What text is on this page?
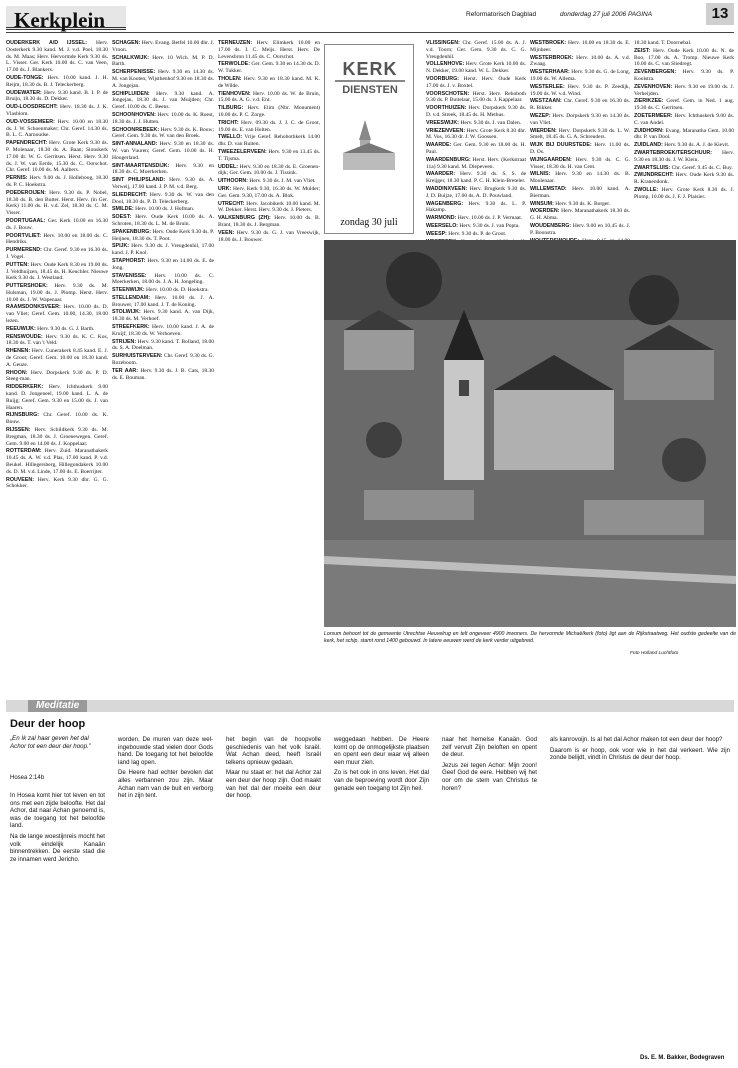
Kerkplein	Reformatorisch Dagblad	donderdag 27 juli 2006 PAGINA	13

OUDERKERK A/D IJSSEL: Herv. Oosterkerk 9.30 kand. M. J. v.d. Poel, 18.30 ds. M. Maas; Herv. Hervormde Kerk 9.30 ds. L. Visser. Ger. Kerk 10.00 ds. C. van Veen, 17.00 ds. J. Blankers.

OUDE-TONGE: Herv. 10.00 kand. J. H. Reijm, 18.30 ds. B. J. Teleckerberg.

OUDEWATER: Herv. 9.30 kand. B. I. P. de Bruijn, 18.30 ds. D. Dekker.

OUD-LOOSDRECHT: Herv. 18.30 ds. J. K. Vlasblom.

OUD-VOSSEMEER: Herv. 10.00 en 18.30 ds. J. W. Schoenmaker; Chr. Geref. 14.30 ds. B. L. C. Aarnoudse.

PAPENDRECHT: Herv. Grote Kerk 9.30 ds. P. Molenaar, 18.30 ds. A. Baan; Sionskerk 17.00 dr. W. G. Gerritsen. Herst. Herv. 9.30 ds. J. W. van Eerde, 15.30 ds. C. Oorschot. Chr. Geref. 10.00 ds. M. Aalbers.

PERNIS: Herv. 9.00 ds. J. Holleboog, 18.30 ds. P. C. Hoekstra.

POEDEROIJEN: Herv. 9.30 ds. P. Nobel, 18.30 ds. B. den Butter. Herst. Herv. (in Ger. Kerk) 11.00 ds. H. v.d. Zel, 18.30 ds. C. M. Visser.

POORTUGAAL: Ger. Kerk 10.00 en 16.30 ds. J. Bouw.

POORTVLIET: Herv. 10.00 en 18.00 ds. C. Hendriks.

PURMEREND: Chr. Geref. 9.30 en 16.30 ds. J. Vogel.

PUTTEN: Herv. Oude Kerk 8.30 en 19.00 ds. J. Veldhuijzen, 18.45 ds. H. Keuchler. Nieuwe Kerk 9.30 ds. J. Westland.

PUTTERSHOEK: Herv. 9.30 ds. M. Hulsman, 19.00 ds. J. Plomp. Herst. Herv. 10.00 ds. J. W. Wapenaar.

RAAMSDONKSVEER: Herv. 10.00 ds. D. van Vliet; Geref. Gem. 10.00, 14.30, 18.00 lezen.

REEUWIJK: Herv. 9.30 ds. G. J. Barth.

RENSWOUDE: Herv. 9.30 ds. K. C. Kos, 18.30 ds. T. van 't Veld.

RHENEN: Herv. Cunerakerk 8.45 kand. E. J. de Groot; Geref. Gem. 10.00 en 18.30 kand. A. Geuze.

RHOON: Herv. Dorpskerk 9.30 ds. P. D. Steeg-man.

RIDDERKERK: Herv. Ichthuskerk 9.00 kand. D. Jongeneel, 19.00 kand. L. A. de Ruijg; Geref. Gem. 9.30 en 15.00 ds. J. van Haaren.

RIJNSBURG: Chr. Geref. 10.00 ds. K. Bouw.

RIJSSEN: Herv. Schildkerk 9.30 ds. M. Bregman, 18.30 ds. J. Groenewegen. Geref. Gem. 9.00 en 14.00 ds. J. Koppelaar.

ROTTERDAM: Herv. Zuid. Maranathakerk 10.45 ds. A. W. v.d. Plas, 17.00 kand. P. v.d. Beukel. Hillegersberg, Hillegondakerk 10.00 ds. D. M. v.d. Linde, 17.00 ds. E. Boerrijter.

ROUVEEN: Herv. Kerk 9.30 dhr. G. G. Schokker.

SCHAGEN: Herv. Evang. Betfel 10.00 dhr. J. Vroon.

SCHALKWIJK: Herv. 10 Wich. M. P. D. Barth.

SCHERPENISSE: Herv. 9.30 en 14.30 ds. M. van Kooten; Wijsthenhof 9.30 en 18.30 ds. A. Jongejan.

SCHIPLUIDEN: Herv. 9.30 kand. A. Jongejan, 18.30 ds. J. van Muijden; Chr. Geref. 10.00 ds. C. Beens.

SCHOONHOVEN: Herv. 10.00 ds. K. Roest, 18.30 ds. J. J. Hutten.

SCHOONREBEEK: Herv. 9.30 ds. K. Bouw; Geref. Gem. 9.30 ds. W. van den Broek.

SINT-ANNALAND: Herv. 9.30 en 18.30 ds. W. van Vuuren; Geref. Gem. 10.00 ds. H. Hoogerland.

SINT-MAARTENSDIJK: Herv. 9.30 en 18.30 ds. C. Moerkerken.

SINT PHILIPSLAND: Herv. 9.30 ds. A. Verweij, 17.00 kand. J. P. M. v.d. Berg.

SLIEDRECHT: Herv. 9.30 ds. W. van den Dool, 18.30 ds. P. D. Teleckerberg.

SMILDE: Herv. 10.00 ds. J. Hofman.

SOEST: Herv. Oude Kerk 10.00 ds. A. Schroten, 18.30 ds. L. M. de Bruin.

SPAKENBURG: Herv. Oude Kerk 9.30 ds. P. Heijnen, 18.30 ds. T. Poot.

SPIJK: Herv. 9.30 ds. J. Vreugdenhil, 17.00 kand. J. P. Knol.

STAPHORST: Herv. 9.30 en 14.00 ds. E. de Jong.

STAVENISSE: Herv. 10.00 ds. C. Moerkerken, 18.00 ds. J. A. H. Jongeling.

STEENWIJK: Herv. 10.00 ds. D. Hoekstra.

STELLENDAM: Herv. 10.00 ds. J. A. Brouwer, 17.00 kand. J. T. de Koning.

STOLWIJK: Herv. 9.30 kand. A. van Dijk, 18.30 ds. M. Verhoef.

STREEFKERK: Herv. 10.00 kand. J. A. de Kruijf, 18.30 ds. W. Verhoeven.

STRIJEN: Herv. 9.30 kand. T. Bolland, 18.00 ds. S. A. Doelman.

SURHUISTERVEEN: Chr. Geref. 9.30 ds. G. Rozeboom.

TER AAR: Herv. 9.30 ds. J. B. Cats, 18.30 ds. E. Bouman.

TERNEUZEN: Herv. Elimkerk 10.00 en 17.00 ds. J. C. Meijs. Herst. Herv. De Levensbron 11.45 ds. C. Oorschot.

TERWOLDE: Ger. Gem. 9.30 en 14.30 ds. D. W. Tukker.

THOLEN: Herv. 9.30 en 18.30 kand. M. K. de Wilde.

TIENHOVEN: Herv. 10.00 ds. W. de Bruin, 15.00 ds. A. G. v.d. Ent.

TILBURG: Herv. Elim (Nbr. Monument) 10.00 ds. P. C. Zorge.

TRICHT: Herv. 09.30 ds. J. J. C. de Groot, 19.00 ds. E. van Holten.

TWELLO: Vrije Geref. Rehobothkerk 14.00 dhr. D. van Ruiten.

TWEEZELERVEEN: Herv. 9.30 en 13.45 ds. T. Tijsma.

UDDEL: Herv. 9.30 en 18.30 ds. E. Groenen-dijk; Ger. Gem. 10.00 ds. J. Tissink.

UITHOORN: Herv. 9.30 ds. J. M. van Vliet.

URK: Herv. Kerk 9.30, 16.30 ds. W. Mulder; Ger. Gem. 9.30, 17.00 ds. A. Blok.

UTRECHT: Herv. Jacobikerk 10.00 kand. M. W. Dekker. Herst. Herv. 9.30 ds. J. Pieters.

VALKENBURG (ZH): Herv. 10.00 ds. B. Brant, 18.30 ds. J. Bergman.

VEEN: Herv. 9.30 ds. G. J. van Vreeswijk, 18.00 ds. J. Bouwer.

VLISSINGEN: Chr. Geref. 15.00 ds. A. J. v.d. Toorn; Ger. Gem. 9.30 ds. C. G. Vreugdenhil.

VOLLENHOVE: Herv. Grote Kerk 10.00 ds. N. Dekker, 19.00 kand. W. L. Dekker.

VOORBURG: Herst. Herv. Oude Kerk 17.00 ds. J. v. Boxtel.

VOORSCHOTEN: Herst. Herv. Rehoboth 9.30 ds. P. Buitelaar, 15.00 ds. J. Kappelaar.

VOORTHUIZEN: Herv. Dorpskerk 9.30 ds. D. v.d. Streek, 18.45 ds. H. Methus.

VREESWIJK: Herv. 9.30 ds. J. van Dalen.

VRIEZENVEEN: Herv. Grote Kerk 8.30 dhr. M. Vos, 16.30 dr. J. W. Goossen.

WAARDE: Ger. Gem. 9.30 en 18.00 ds. H. Paul.

WAARDENBURG: Herst. Herv. (Kerkstraat 11a) 9.30 kand. M. Diepeveen.

WAARDER: Herv. 9.30 ds. S. S. de Kreijger, 18.30 kand. P. C. H. Klein-Breteler.

WADDINXVEEN: Herv. Brugkerk 9.30 ds. J. D. Buijze, 17.00 ds. A. D. Pouwland.

WAGENBERG: Herv. 9.30 ds. L. P. Hakamp.

WARMOND: Herv. 10.00 ds. J. P. Vermaat.

WEERSELO: Herv. 9.30 ds. J. van Popta.

WEESP: Herv. 9.30 ds. P. de Groot.

WESTBROEK: Herv. 10.00 en 18.30 ds. E. Mijnheer.

WESTERBROEK: Herv. 10.00 ds. A. v.d. Zwaag.

WESTERHAAR: Herv. 9.30 ds. G. de Long, 19.00 ds. W. Allema.

WESTERLEE: Herv. 9.30 ds. P. Zeedijk, 19.00 ds. W. v.d. Wind.

WESTZAAN: Chr. Geref. 9.30 en 16.30 ds. R. Bikker.

WEZEP: Herv. Dorpskerk 9.30 en 14.30 ds. van Vliet.

WIERDEN: Herv. Dorpskerk 9.30 ds. L. W. Smelt, 18.45 ds. G. A. Schreuders.

WIJK BIJ DUURSTEDE: Herv. 11.00 ds. D. Os.

WIJNGAARDEN: Herv. 9.30 ds. C. G. Visser, 18.30 ds. H. van Cent.

WILNIS: Herv. 9.30 en 14.30 ds. B. Moolenaar.

WILLEMSTAD: Herv. 10.00 kand. A. Bierman.

WINSUM: Herv. 9.30 ds. K. Borger.

WOERDEN: Herv. Maranathakerk 18.30 ds. G. H. Abma.

WOUDENBERG: Herv. 9.00 en 10.45 ds. J. P. Boonstra.

18.30 kand. T. Doornebal.

ZEIST: Herv. Oude Kerk 10.00 ds. N. de Boo, 17.00 ds. A. Tromp. Nieuwe Kerk 10.00 ds. C. van Sliedregt.

ZEVENBERGEN: Herv. 9.30 ds. P. Koolstra.

ZEVENHOVEN: Herv. 9.30 en 19.00 ds. J. Verheijden.

ZIERIKZEE: Geref. Gem. in Ned. 1 aug. 19.30 ds. C. Gerritsen.

ZOETERMEER: Herv. Ichthuskerk 9.00 ds. C. van Andel.

ZUIDHORN: Evang. Maranatha Gem. 10.00 dhr. P. van Dool.

ZUIDLAND: Herv. 9.30 ds. A. J. de Kievit.

ZWARTEBROEK/TERSCHUUR: Herv. 9.30 en 18.30 ds. J. W. Klein.

ZWARTSLUIS: Chr. Geref. 9.45 ds. C. Buy.

ZWIJNDRECHT: Herv. Oude Kerk 9.30 ds. R. Kranendonk.

ZWOLLE: Herv. Grote Kerk 8.30 ds. J. Plomp, 10.00 ds. J. F. J. Plaisier.

KERK
DIENSTEN
zondag 30 juli
Lorsum behoort tot de gemeente Utrechtse Heuvelrug en telt ongeveer 4900 inwoners. De hervormde Michaëlkerk (foto) ligt aan de Rijkstraatweg. Het oudste gedeelte van de kerk, het schip, stamt rond 1400 gebouwd. In latere eeuwen werd de kerk verder uitgebreid.
Foto Holland Luchtfoto
Meditatie
Deur der hoop
„En Ik zal haar geven het dal Achor tot een deur der hoop.”
Hosea 2:14b

In Hosea komt hier tot leven en tot ons met een zijde beloofte. Het dal Achor, dat naar Achan genoemd is, was de toegang tot het beloofde land.

Na de lange woestijnreis mocht het volk eindelijk Kanaän binnentrekken. De eerste stad die ze innamen werd Jericho.

worden. De muren van deze wel-ingebouwde stad vielen door Gods hand. De toegang tot het beloofde land lag open.

De Heere had echter bevolen dat alles verbannen zou zijn. Maar Achan nam van de buit en verborg het in zijn tent.

het begin van de hoopvolle geschiedenis van het volk Israël. Wat Achan deed, heeft Israël telkens opnieuw gedaan.

Maar nu staat er: het dal Achor zal een deur der hoop zijn. God maakt van het dal der moeite een deur der hoop.

weggedaan hebben. De Heere komt op de onmogelijkste plaatsen en opent een deur waar wij alleen een muur zien.

Zo is het ook in ons leven. Het dal van de beproeving wordt door Zijn genade een toegang tot Zijn heil.

naar het hemelse Kanaän. God zelf vervult Zijn beloften en opent de deur.

Jezus zei tegen Achor: Mijn zoon! Geef God de eere. Hebben wij het oor om de stem van Christus te horen?

als kanrovoijn. Is al het dal Achor maken tot een deur der hoop?

Daarom is er hoop, ook voor wie in het dal verkeert. Wie zijn zonde belijdt, vindt in Christus de deur der hoop.

Ds. E. M. Bakker, Bodegraven
